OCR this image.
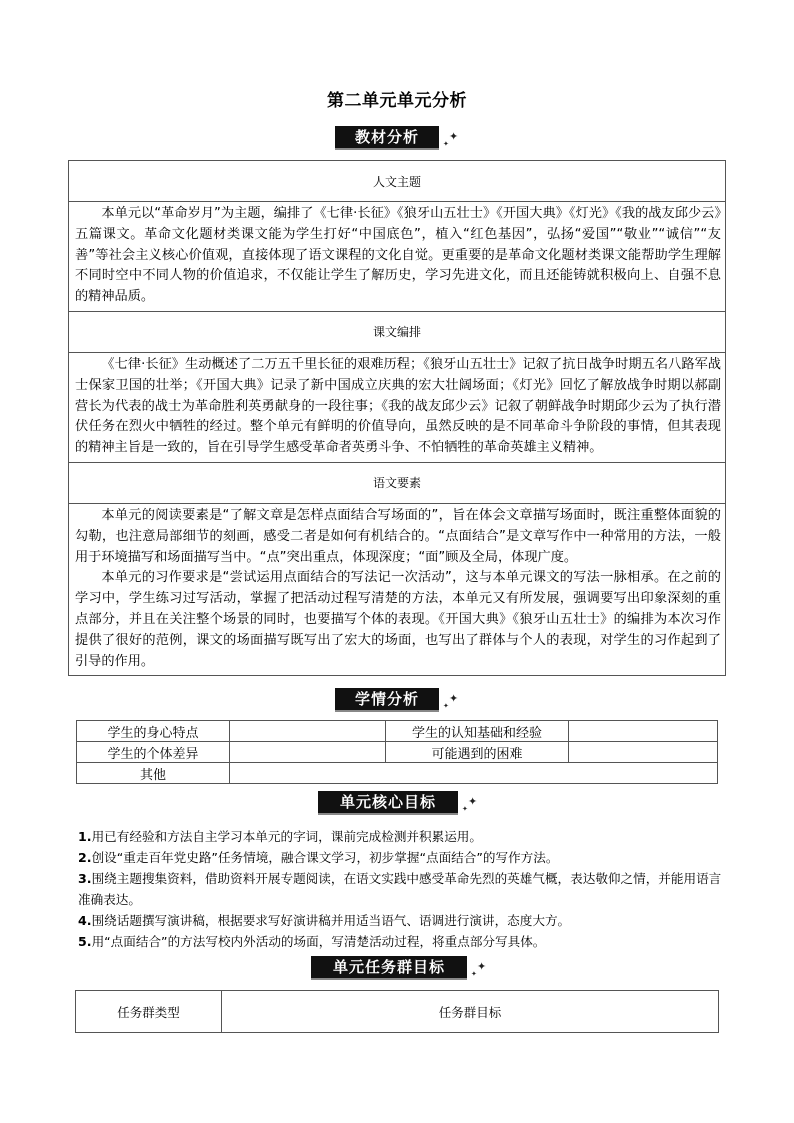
第二单元单元分析
教材分析	✦
✦
人文主题

本单元以“革命岁月”为主题，编排了《七律·长征》《狼牙山五壮士》《开国大典》《灯光》《我的战友邱少云》五篇课文。革命文化题材类课文能为学生打好“中国底色”，植入“红色基因”，弘扬“爱国”“敬业”“诚信”“友善”等社会主义核心价值观，直接体现了语文课程的文化自觉。更重要的是革命文化题材类课文能帮助学生理解不同时空中不同人物的价值追求，不仅能让学生了解历史，学习先进文化，而且还能铸就积极向上、自强不息的精神品质。

课文编排

《七律·长征》生动概述了二万五千里长征的艰难历程；《狼牙山五壮士》记叙了抗日战争时期五名八路军战士保家卫国的壮举；《开国大典》记录了新中国成立庆典的宏大壮阔场面；《灯光》回忆了解放战争时期以郝副营长为代表的战士为革命胜利英勇献身的一段往事；《我的战友邱少云》记叙了朝鲜战争时期邱少云为了执行潜伏任务在烈火中牺牲的经过。整个单元有鲜明的价值导向，虽然反映的是不同革命斗争阶段的事情，但其表现的精神主旨是一致的，旨在引导学生感受革命者英勇斗争、不怕牺牲的革命英雄主义精神。

语文要素

本单元的阅读要素是“了解文章是怎样点面结合写场面的”，旨在体会文章描写场面时，既注重整体面貌的勾勒，也注意局部细节的刻画，感受二者是如何有机结合的。“点面结合”是文章写作中一种常用的方法，一般用于环境描写和场面描写当中。“点”突出重点，体现深度；“面”顾及全局，体现广度。

本单元的习作要求是“尝试运用点面结合的写法记一次活动”，这与本单元课文的写法一脉相承。在之前的学习中，学生练习过写活动，掌握了把活动过程写清楚的方法，本单元又有所发展，强调要写出印象深刻的重点部分，并且在关注整个场景的同时，也要描写个体的表现。《开国大典》《狼牙山五壮士》的编排为本次习作提供了很好的范例，课文的场面描写既写出了宏大的场面，也写出了群体与个人的表现，对学生的习作起到了引导的作用。

学情分析	✦
✦
学生的身心特点		学生的认知基础和经验	
学生的个体差异		可能遇到的困难	
其他			
单元核心目标	✦
✦
1.用已有经验和方法自主学习本单元的字词，课前完成检测并积累运用。
2.创设“重走百年党史路”任务情境，融合课文学习，初步掌握“点面结合”的写作方法。
3.围绕主题搜集资料，借助资料开展专题阅读，在语文实践中感受革命先烈的英雄气概，表达敬仰之情，并能用语言准确表达。
4.围绕话题撰写演讲稿，根据要求写好演讲稿并用适当语气、语调进行演讲，态度大方。
5.用“点面结合”的方法写校内外活动的场面，写清楚活动过程，将重点部分写具体。
单元任务群目标	✦
✦
任务群类型	任务群目标
